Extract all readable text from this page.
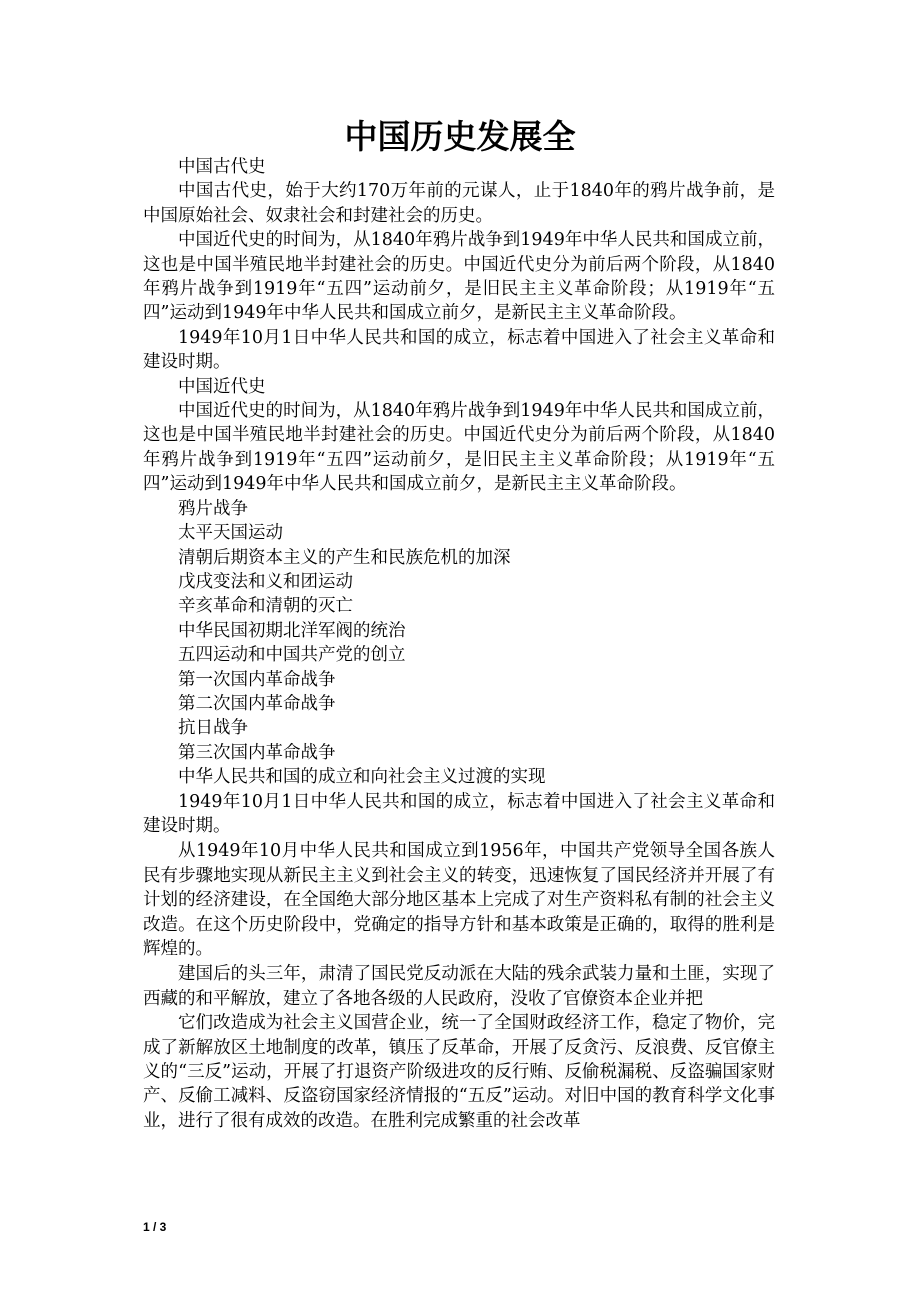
中国历史发展全

中国古代史

中国古代史，始于大约170万年前的元谋人，止于1840年的鸦片战争前，是中国原始社会、奴隶社会和封建社会的历史。

中国近代史的时间为，从1840年鸦片战争到1949年中华人民共和国成立前，这也是中国半殖民地半封建社会的历史。中国近代史分为前后两个阶段，从1840年鸦片战争到1919年“五四”运动前夕，是旧民主主义革命阶段；从1919年“五四”运动到1949年中华人民共和国成立前夕，是新民主主义革命阶段。

1949年10月1日中华人民共和国的成立，标志着中国进入了社会主义革命和建设时期。

中国近代史

中国近代史的时间为，从1840年鸦片战争到1949年中华人民共和国成立前，这也是中国半殖民地半封建社会的历史。中国近代史分为前后两个阶段，从1840年鸦片战争到1919年“五四”运动前夕，是旧民主主义革命阶段；从1919年“五四”运动到1949年中华人民共和国成立前夕，是新民主主义革命阶段。

鸦片战争

太平天国运动

清朝后期资本主义的产生和民族危机的加深

戊戌变法和义和团运动

辛亥革命和清朝的灭亡

中华民国初期北洋军阀的统治

五四运动和中国共产党的创立

第一次国内革命战争

第二次国内革命战争

抗日战争

第三次国内革命战争

中华人民共和国的成立和向社会主义过渡的实现

1949年10月1日中华人民共和国的成立，标志着中国进入了社会主义革命和建设时期。

从1949年10月中华人民共和国成立到1956年，中国共产党领导全国各族人民有步骤地实现从新民主主义到社会主义的转变，迅速恢复了国民经济并开展了有计划的经济建设，在全国绝大部分地区基本上完成了对生产资料私有制的社会主义改造。在这个历史阶段中，党确定的指导方针和基本政策是正确的，取得的胜利是辉煌的。

建国后的头三年，肃清了国民党反动派在大陆的残余武装力量和土匪，实现了西藏的和平解放，建立了各地各级的人民政府，没收了官僚资本企业并把

它们改造成为社会主义国营企业，统一了全国财政经济工作，稳定了物价，完成了新解放区土地制度的改革，镇压了反革命，开展了反贪污、反浪费、反官僚主义的“三反”运动，开展了打退资产阶级进攻的反行贿、反偷税漏税、反盗骗国家财产、反偷工减料、反盗窃国家经济情报的“五反”运动。对旧中国的教育科学文化事业，进行了很有成效的改造。在胜利完成繁重的社会改革

1 / 3
